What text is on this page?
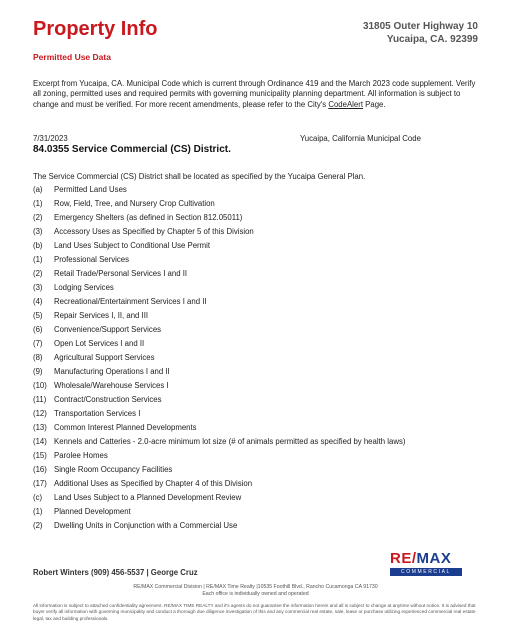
Property Info	31805 Outer Highway 10
Yucaipa, CA. 92399
Permitted Use Data
Excerpt from Yucaipa, CA. Municipal Code which is current through Ordinance 419 and the March 2023 code supplement. Verify all zoning, permitted uses and required permits with governing municipality planning department. All information is subject to change and must be verified. For more recent amendments, please refer to the City's CodeAlert Page.
7/31/2023	Yucaipa, California Municipal Code
84.0355 Service Commercial (CS) District.
The Service Commercial (CS) District shall be located as specified by the Yucaipa General Plan.
(a)	Permitted Land Uses
(1)	Row, Field, Tree, and Nursery Crop Cultivation
(2)	Emergency Shelters (as defined in Section 812.05011)
(3)	Accessory Uses as Specified by Chapter 5 of this Division
(b)	Land Uses Subject to Conditional Use Permit
(1)	Professional Services
(2)	Retail Trade/Personal Services I and II
(3)	Lodging Services
(4)	Recreational/Entertainment Services I and II
(5)	Repair Services I, II, and III
(6)	Convenience/Support Services
(7)	Open Lot Services I and II
(8)	Agricultural Support Services
(9)	Manufacturing Operations I and II
(10) Wholesale/Warehouse Services I
(11) Contract/Construction Services
(12) Transportation Services I
(13) Common Interest Planned Developments
(14) Kennels and Catteries - 2.0-acre minimum lot size (# of animals permitted as specified by health laws)
(15) Parolee Homes
(16) Single Room Occupancy Facilities
(17) Additional Uses as Specified by Chapter 4 of this Division
(c)	Land Uses Subject to a Planned Development Review
(1)	Planned Development
(2)	Dwelling Units in Conjunction with a Commercial Use
Robert Winters (909) 456-5537 | George Cruz
RE/MAX
COMMERCIAL
RE/MAX Commercial Division | RE/MAX Time Realty |10535 Foothill Blvd., Rancho Cucamonga CA 91730
Each office is individually owned and operated
All information is subject to attached confidentiality agreement. RE/MAX TIME REALTY and it's agents do not guarantee the information herein and all is subject to change at anytime without notice. It is advised that buyer verify all information with governing municipality and conduct a thorough due diligence investigation of this and any commercial real estate, sale, lease or purchase utilizing experienced commercial real estate legal, tax and building professionals.
